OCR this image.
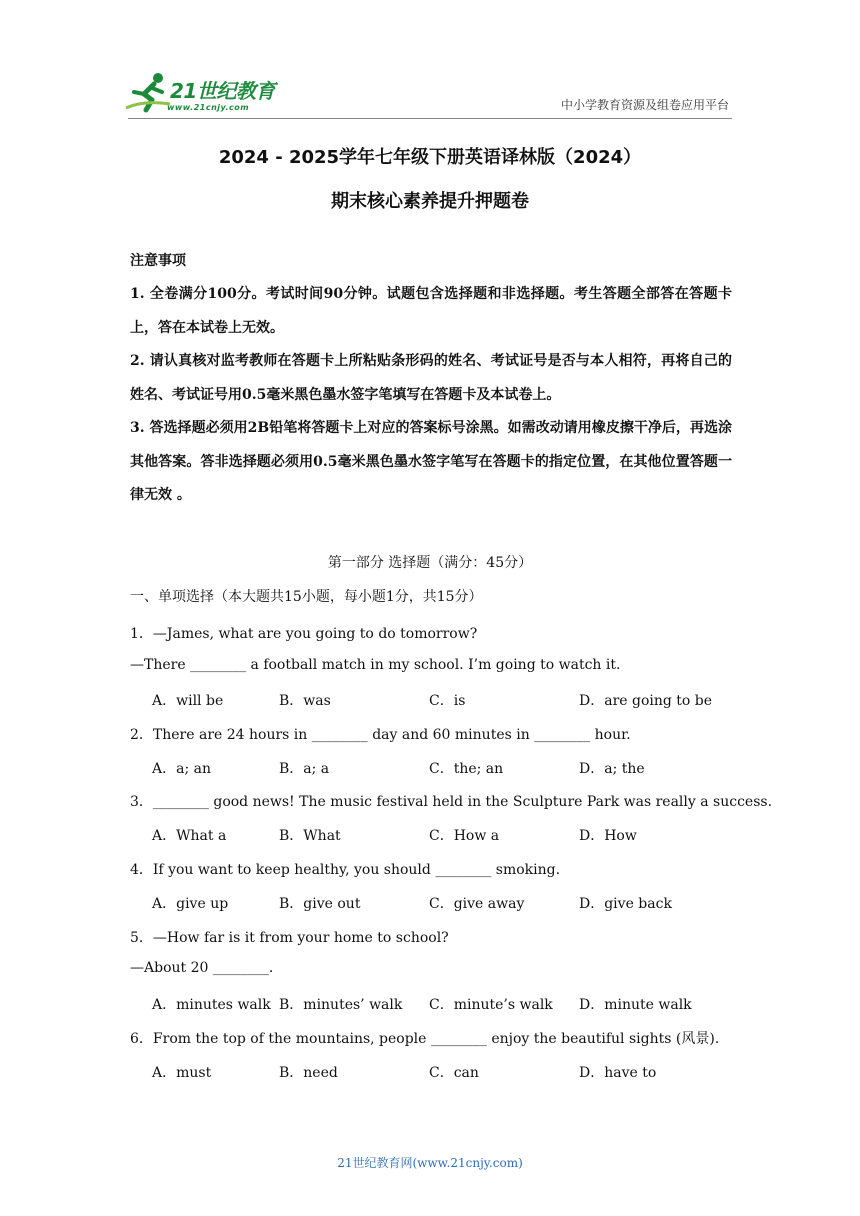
21世纪教育
www.21cnjy.com	中小学教育资源及组卷应用平台
2024 - 2025学年七年级下册英语译林版（2024）
期末核心素养提升押题卷
注意事项
1. 全卷满分100分。考试时间90分钟。试题包含选择题和非选择题。考生答题全部答在答题卡上，答在本试卷上无效。
2. 请认真核对监考教师在答题卡上所粘贴条形码的姓名、考试证号是否与本人相符，再将自己的姓名、考试证号用0.5毫米黑色墨水签字笔填写在答题卡及本试卷上。
3. 答选择题必须用2B铅笔将答题卡上对应的答案标号涂黑。如需改动请用橡皮擦干净后，再选涂其他答案。答非选择题必须用0.5毫米黑色墨水签字笔写在答题卡的指定位置，在其他位置答题一律无效 。
第一部分 选择题（满分：45分）
一、单项选择（本大题共15小题，每小题1分，共15分）
1．—James, what are you going to do tomorrow?
—There ________ a football match in my school. I’m going to watch it.
A．will be	B．was	C．is	D．are going to be
2．There are 24 hours in ________ day and 60 minutes in ________ hour.
A．a; an	B．a; a	C．the; an	D．a; the
3．________ good news! The music festival held in the Sculpture Park was really a success.
A．What a	B．What	C．How a	D．How
4．If you want to keep healthy, you should ________ smoking.
A．give up	B．give out	C．give away	D．give back
5．—How far is it from your home to school?
—About 20 ________.
A．minutes walk B．minutes’ walk C．minute’s walk D．minute walk
6．From the top of the mountains, people ________ enjoy the beautiful sights (风景).
A．must	B．need	C．can	D．have to
21世纪教育网(www.21cnjy.com)
